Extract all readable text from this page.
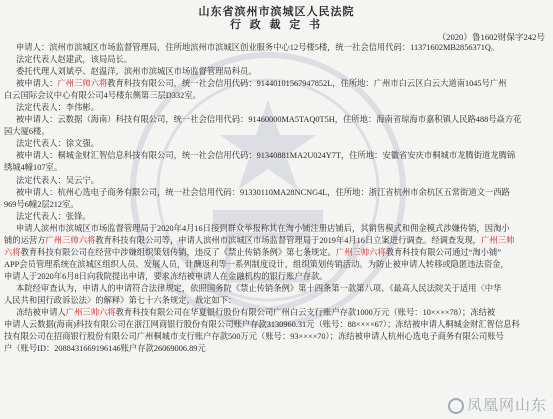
山东省滨州市滨城区人民法院
行 政 裁 定 书
（2020）鲁1602财保字242号
申请人：滨州市滨城区市场监督管理局，住所地滨州市滨城区创业服务中心12号楼5楼，统一社会信用代码：11371602MB2856371Q。
法定代表人赵建武，该局局长。
委托代理人刘斌亭、赵温洋，滨州市滨城区市场监督管理局科员。
被申请人：广州三帅六将教育科技有限公司，统一社会信用代码：91440101567947852L，住所地：广州市白云区白云大道南1045号广州
白云国际会议中心有限公司4号楼东侧第三层D332室。
法定代表人：李伟彬。
被申请人：云数据（海南）科技有限公司，统一社会信用代码：91460000MA5TAQ0T5H，住所地：海南省琼海市嘉积镇人民路488号焱方花
园大厦6楼。
法定代表人：徐文强。
被申请人：桐城金财汇智信息科技有限公司，统一社会信用代码：91340881MA2U024Y7T，住所地：安徽省安庆市桐城市龙腾街道龙腾锦
绣城4幢107室。
法定代表人：吴云宁。
被申请人：杭州心选电子商务有限公司，统一社会信用代码：91330110MA28NCNG4L，住所地：浙江省杭州市余杭区五常街道文一西路
969号6幢2层212室。
法定代表人：张锋。
申请人滨州市滨城区市场监督管理局于2020年4月16日接到群众举报称其在淘小铺注册店铺后，其销售模式和佣金模式涉嫌传销，因淘小
铺的运营方广州三帅六将教育科技有限公司等，申请人滨州市滨城区市场监督管理局于2019年4月16日立案进行调查。经调查发现，广州三帅
六将教育科技有限公司在经营中涉嫌组织策划传销，违反了《禁止传销条例》第七条规定。广州三帅六将教育科技有限公司通过“淘小铺”
APP会员管理系统在滨城区组织人员、发展人员，计酬返利等一系列制度设计，组织策划传销活动。为防止被申请人转移或隐匿违法资金，
申请人于2020年6月8日向我院提出申请，要求冻结被申请人在金融机构的银行账户存款。
本院经审查认为，申请人的申请符合法律规定，依照国务院《禁止传销条例》第十四条第一款第八项、《最高人民法院关于适用〈中华
人民共和国行政诉讼法〉的解释》第七十六条规定，裁定如下：
冻结被申请人广州三帅六将教育科技有限公司在华夏银行股份有限公司广州白云支行账户存款1000万元（账号：10××××78）；冻结被
申请人云数据(海南)科技有限公司在浙江网商银行股份有限公司账户存款3130960.31元（账号：88××××67）；冻结被申请人桐城金财汇智信息科
技有限公司在招商银行股份有限公司广州桐城市支行账户存款500万元（账号：93××××70）；冻结被申请人杭州心选电子商务有限公司账号
户（账号ID：2088431669196146账户存款26069006.89元
凤凰网山东
